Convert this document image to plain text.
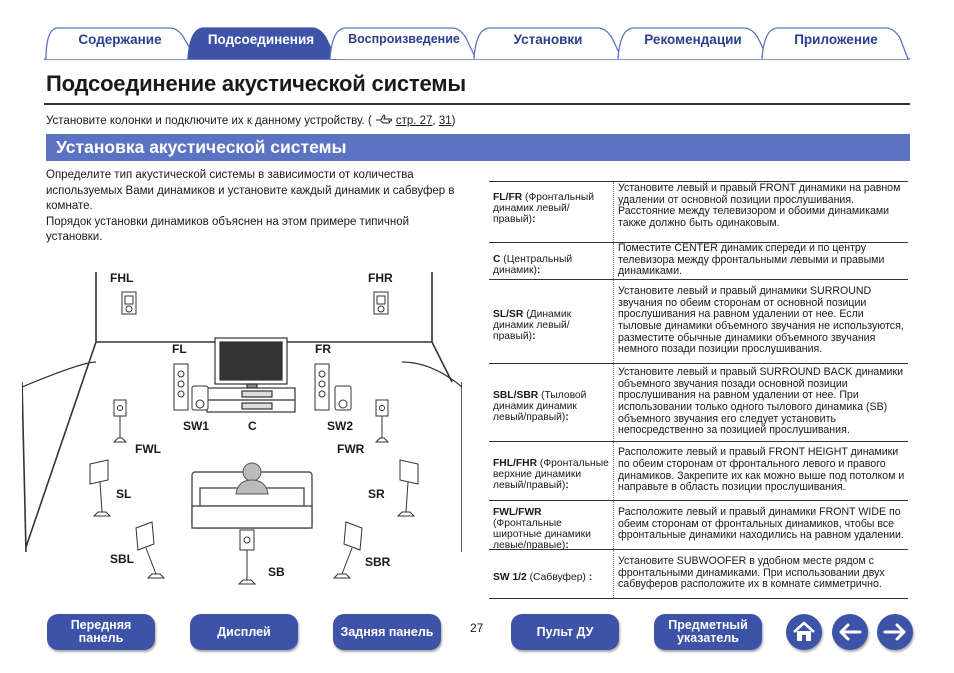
Содержание	Подсоединения	Воспроизведение	Установки	Рекомендации	Приложение
Подсоединение акустической системы
Установите колонки и подключите их к данному устройству. ( стр. 27, 31)
Установка акустической системы

Определите тип акустической системы в зависимости от количества используемых Вами динамиков и установите каждый динамик и сабвуфер в комнате.

Порядок установки динамиков объяснен на этом примере типичной установки.

FHL	FHR
FL	FR
SW1	C	SW2
FWL	FWR
SL	SR
SBL	SBR
SB
FL/FR (Фронтальный динамик левый/правый):
Установите левый и правый FRONT динамики на равном удалении от основной позиции прослушивания. Расстояние между телевизором и обоими динамиками также должно быть одинаковым.
C (Центральный динамик):
Поместите CENTER динамик спереди и по центру телевизора между фронтальными левыми и правыми динамиками.
SL/SR (Динамик динамик левый/правый):
Установите левый и правый динамики SURROUND звучания по обеим сторонам от основной позиции прослушивания на равном удалении от нее. Если тыловые динамики объемного звучания не используются, разместите обычные динамики объемного звучания немного позади позиции прослушивания.
SBL/SBR (Тыловой динамик динамик левый/правый):
Установите левый и правый SURROUND BACK динамики объемного звучания позади основной позиции прослушивания на равном удалении от нее. При использовании только одного тылового динамика (SB) объемного звучания его следует установить непосредственно за позицией прослушивания.
FHL/FHR (Фронтальные верхние динамики левый/правый):
Расположите левый и правый FRONT HEIGHT динамики по обеим сторонам от фронтального левого и правого динамиков. Закрепите их как можно выше под потолком и направьте в область позиции прослушивания.
FWL/FWR (Фронтальные широтные динамики левые/правые):
Расположите левый и правый динамики FRONT WIDE по обеим сторонам от фронтальных динамиков, чтобы все фронтальные динамики находились на равном удалении.
SW 1/2 (Сабвуфер) :
Установите SUBWOOFER в удобном месте рядом с фронтальными динамиками. При использовании двух сабвуферов расположите их в комнате симметрично.
Передняя панель	Дисплей	Задняя панель	27	Пульт ДУ	Предметный указатель
